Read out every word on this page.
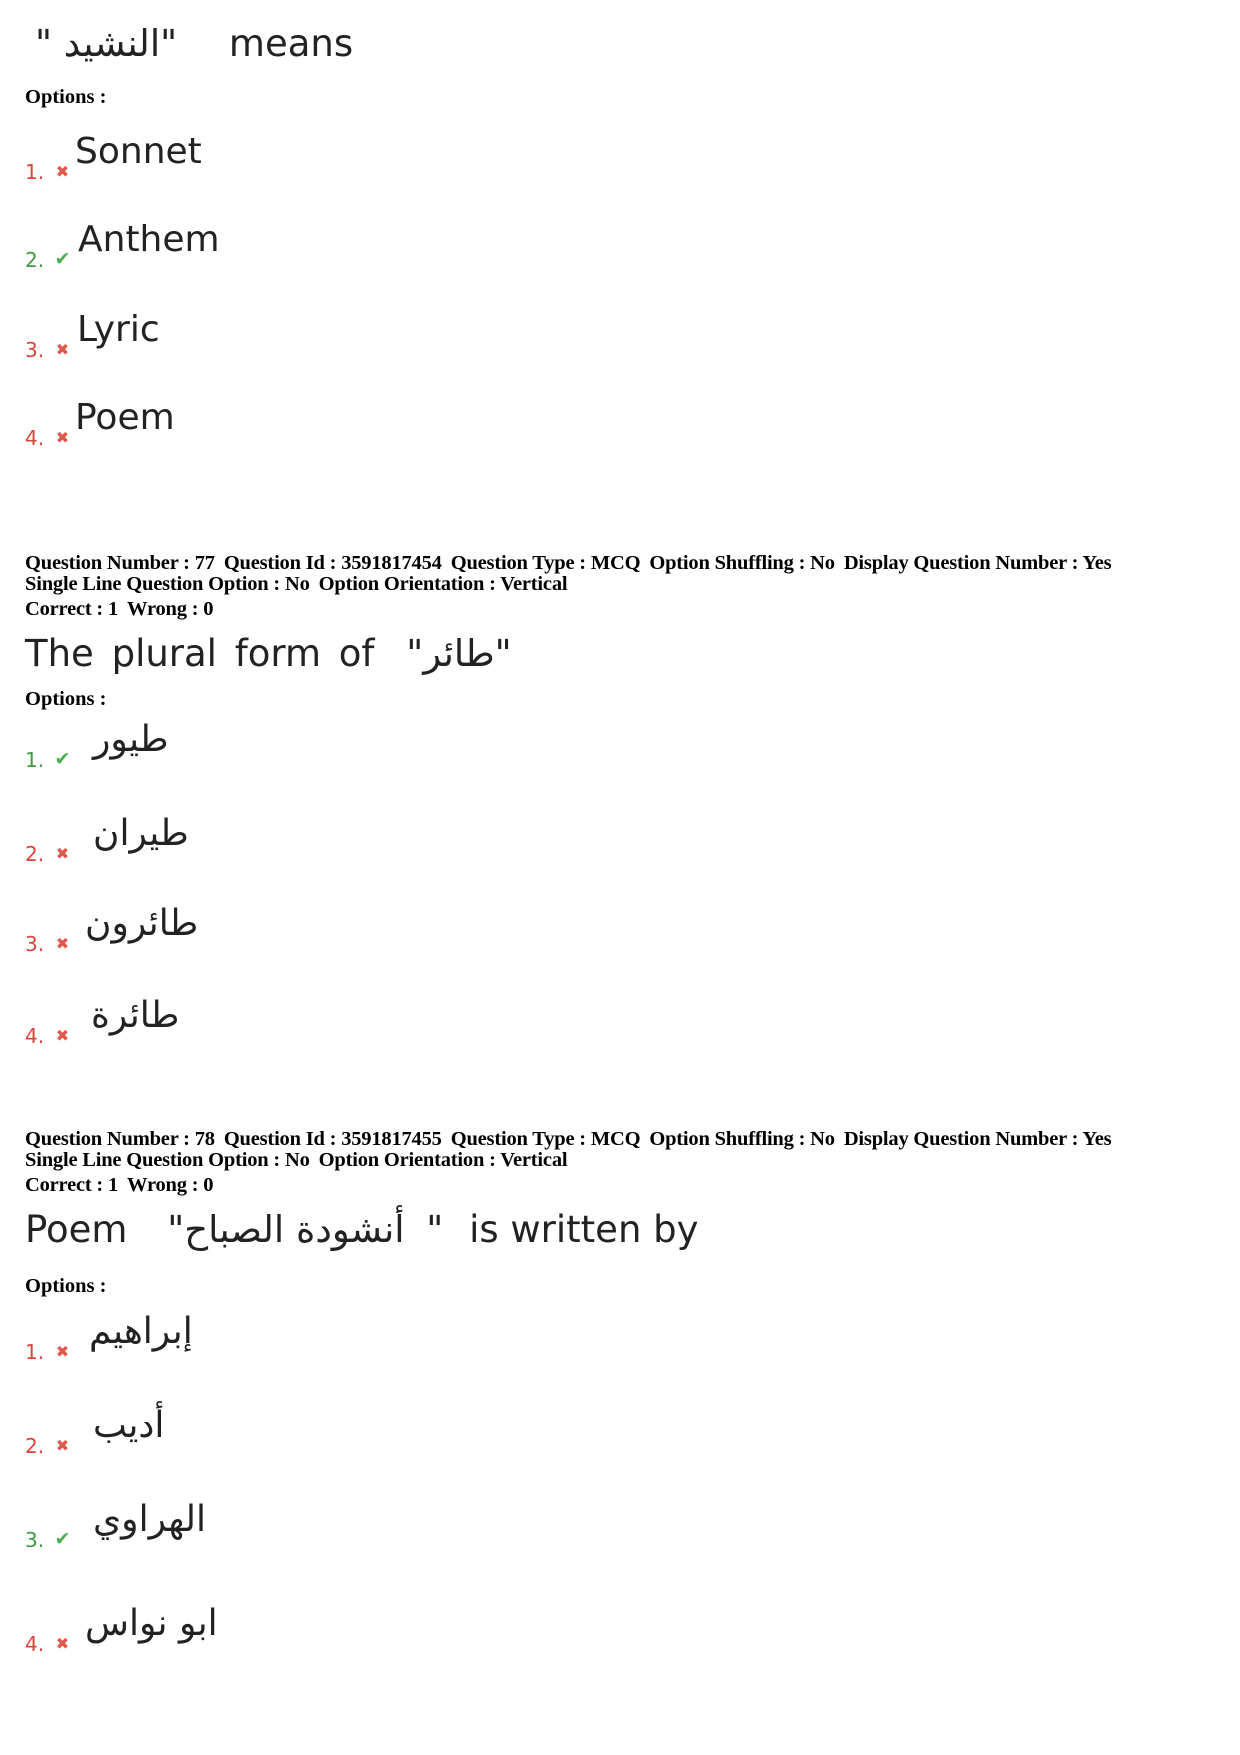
" النشيد" means
Options :
1. ✖ Sonnet
2. ✔ Anthem
3. ✖ Lyric
4. ✖ Poem
Question Number : 77 Question Id : 3591817454 Question Type : MCQ Option Shuffling : No Display Question Number : Yes
Single Line Question Option : No Option Orientation : Vertical
Correct : 1 Wrong : 0
The plural form of "طائر"
Options :
1. ✔ طيور
2. ✖ طيران
3. ✖ طائرون
4. ✖ طائرة
Question Number : 78 Question Id : 3591817455 Question Type : MCQ Option Shuffling : No Display Question Number : Yes
Single Line Question Option : No Option Orientation : Vertical
Correct : 1 Wrong : 0
Poem "أنشودة الصباح " is written by
Options :
1. ✖ إبراهيم
2. ✖ أديب
3. ✔ الهراوي
4. ✖ ابو نواس
